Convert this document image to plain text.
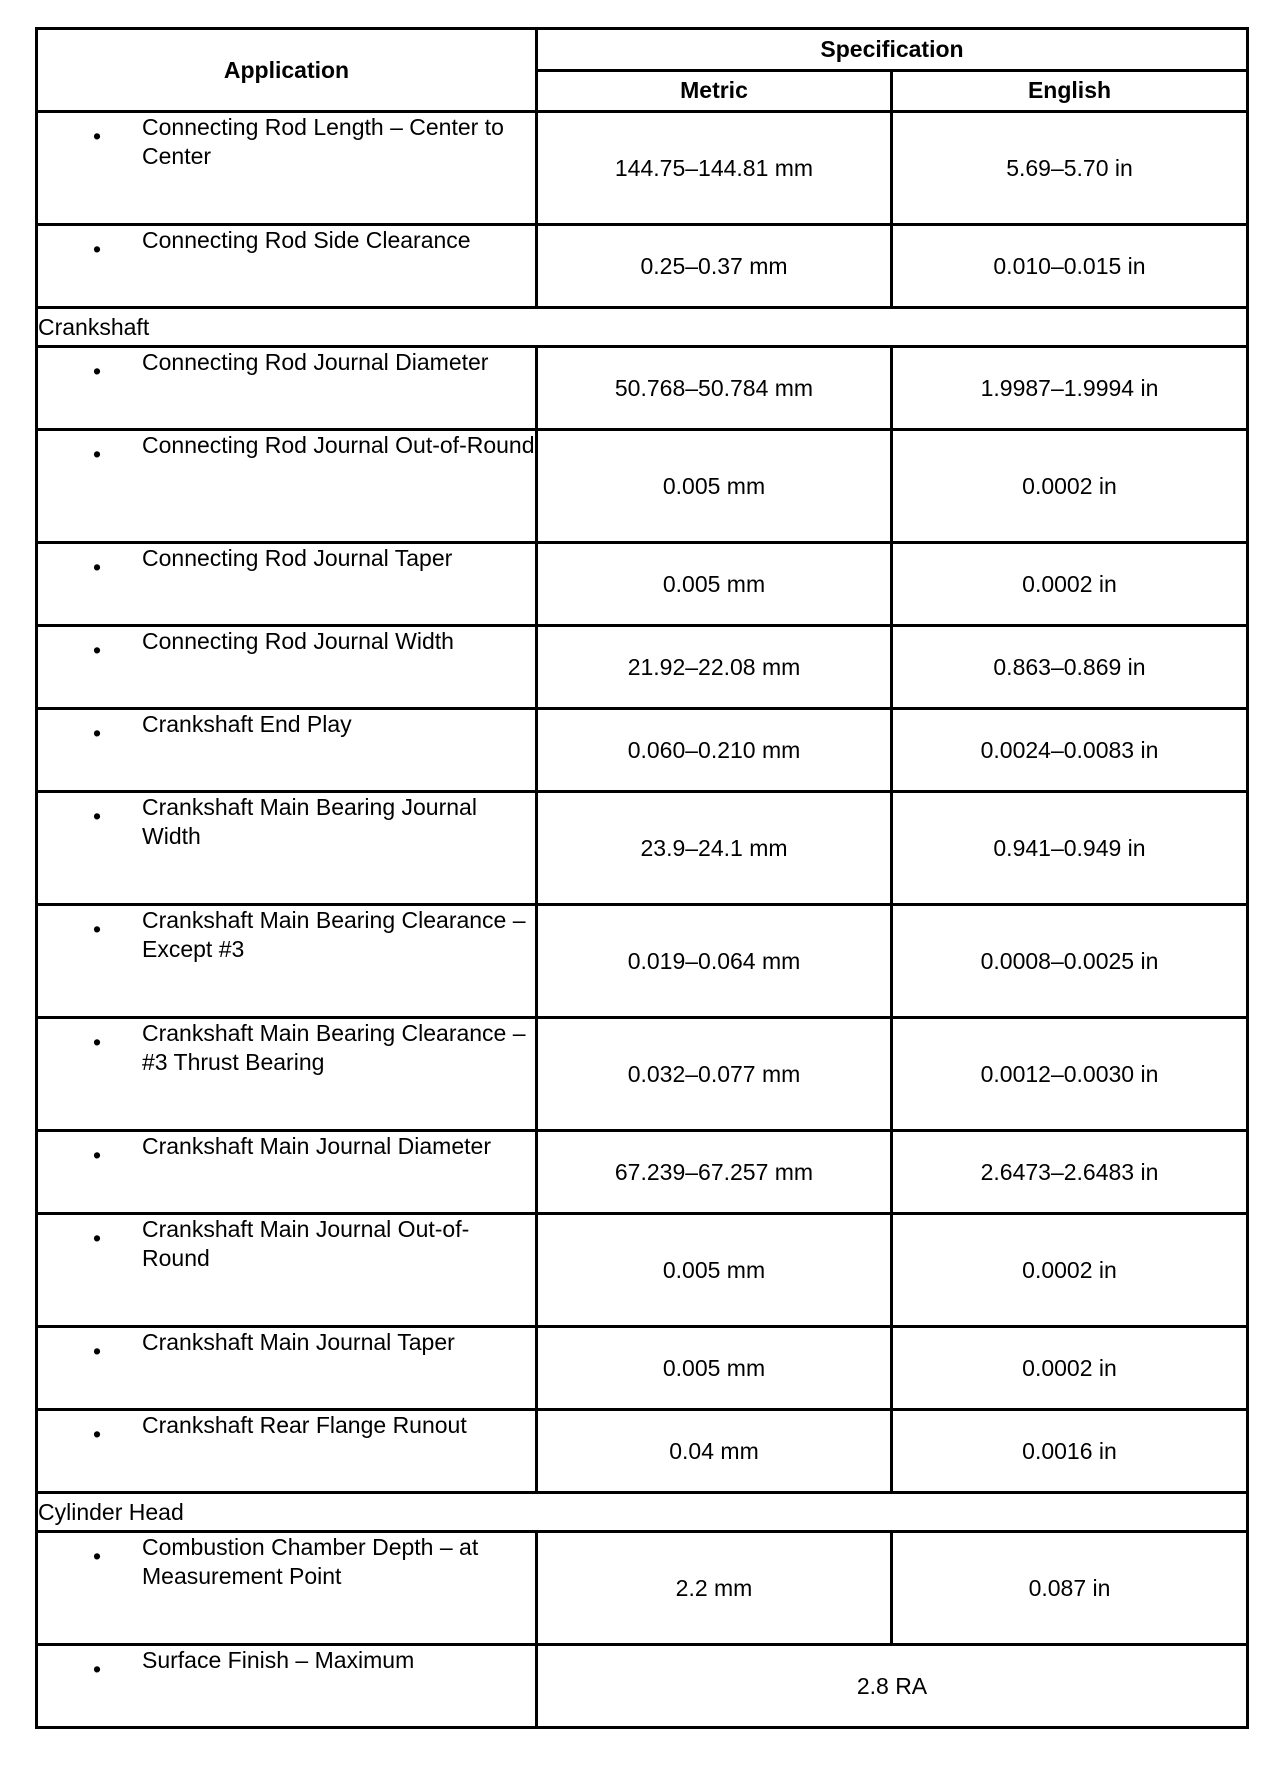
Application	Specification	
	Metric	English

• Connecting Rod Length – Center to Center	144.75–144.81 mm	5.69–5.70 in

• Connecting Rod Side Clearance	0.25–0.37 mm	0.010–0.015 in
Crankshaft		

• Connecting Rod Journal Diameter	50.768–50.784 mm	1.9987–1.9994 in

• Connecting Rod Journal Out-of-Round	0.005 mm	0.0002 in

• Connecting Rod Journal Taper	0.005 mm	0.0002 in

• Connecting Rod Journal Width	21.92–22.08 mm	0.863–0.869 in

• Crankshaft End Play	0.060–0.210 mm	0.0024–0.0083 in

• Crankshaft Main Bearing Journal Width	23.9–24.1 mm	0.941–0.949 in

• Crankshaft Main Bearing Clearance – Except #3	0.019–0.064 mm	0.0008–0.0025 in

• Crankshaft Main Bearing Clearance – #3 Thrust Bearing	0.032–0.077 mm	0.0012–0.0030 in

• Crankshaft Main Journal Diameter	67.239–67.257 mm	2.6473–2.6483 in

• Crankshaft Main Journal Out-of-Round	0.005 mm	0.0002 in

• Crankshaft Main Journal Taper	0.005 mm	0.0002 in

• Crankshaft Rear Flange Runout	0.04 mm	0.0016 in
Cylinder Head		

• Combustion Chamber Depth – at Measurement Point	2.2 mm	0.087 in

• Surface Finish – Maximum	2.8 RA	
